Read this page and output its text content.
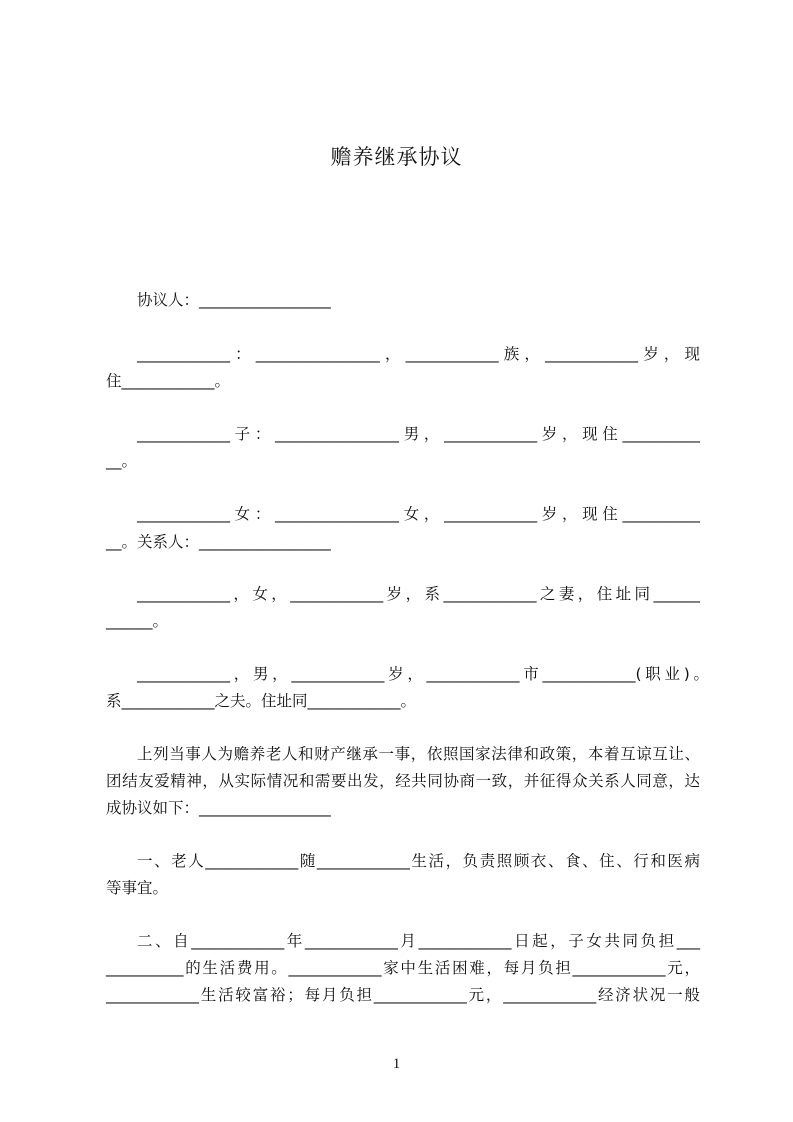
赡养继承协议
协议人：_________________
____________：________________，____________族，____________岁，现
住____________。
____________子：________________男，____________岁，现住__________
__。
____________女：________________女，____________岁，现住__________
__。关系人：_________________
____________，女，____________岁，系____________之妻，住址同______
______。
____________，男，____________岁，____________市____________(职业)。
系____________之夫。住址同____________。
上列当事人为赡养老人和财产继承一事，依照国家法律和政策，本着互谅互让、
团结友爱精神，从实际情况和需要出发，经共同协商一致，并征得众关系人同意，达
成协议如下：_________________
一、老人____________随____________生活，负责照顾衣、食、住、行和医病
等事宜。
二、自____________年____________月____________日起，子女共同负担___
__________的生活费用。____________家中生活困难，每月负担____________元，
____________生活较富裕；每月负担____________元，____________经济状况一般
1
